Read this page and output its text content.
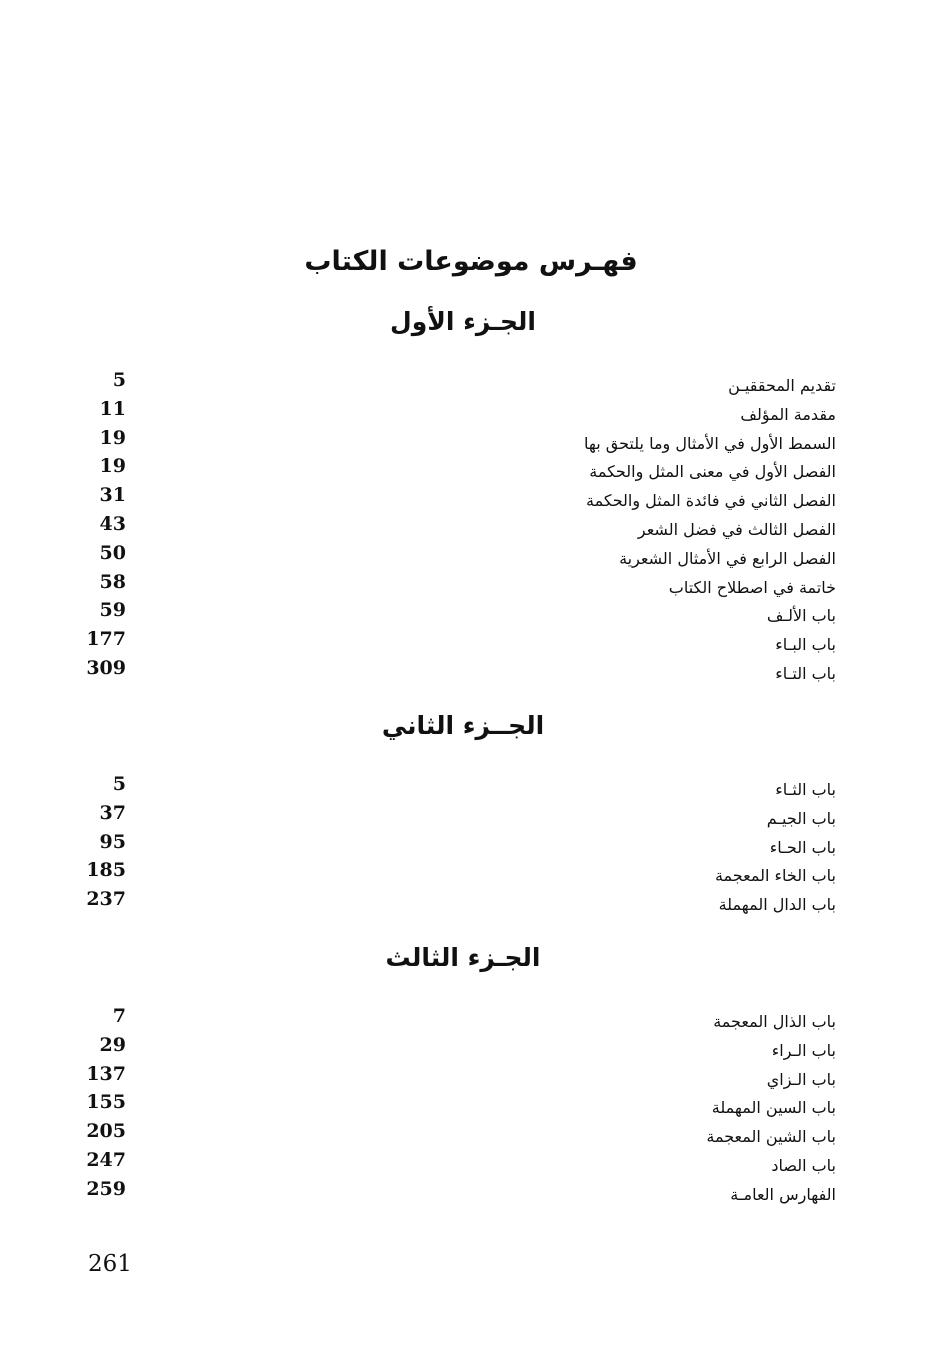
فهـرس موضوعات الكتاب
الجـزء الأول
تقديم المحققيـن
5
مقدمة المؤلف
11
السمط الأول في الأمثال وما يلتحق بها
19
الفصل الأول في معنى المثل والحكمة
19
الفصل الثاني في فائدة المثل والحكمة
31
الفصل الثالث في فضل الشعر
43
الفصل الرابع في الأمثال الشعرية
50
خاتمة في اصطلاح الكتاب
58
باب الألـف
59
باب البـاء
177
باب التـاء
309
الجــزء الثاني
باب الثـاء
5
باب الجيـم
37
باب الحـاء
95
باب الخاء المعجمة
185
باب الدال المهملة
237
الجـزء الثالث
باب الذال المعجمة
7
باب الـراء
29
باب الـزاي
137
باب السين المهملة
155
باب الشين المعجمة
205
باب الصاد
247
الفهارس العامـة
259
261
